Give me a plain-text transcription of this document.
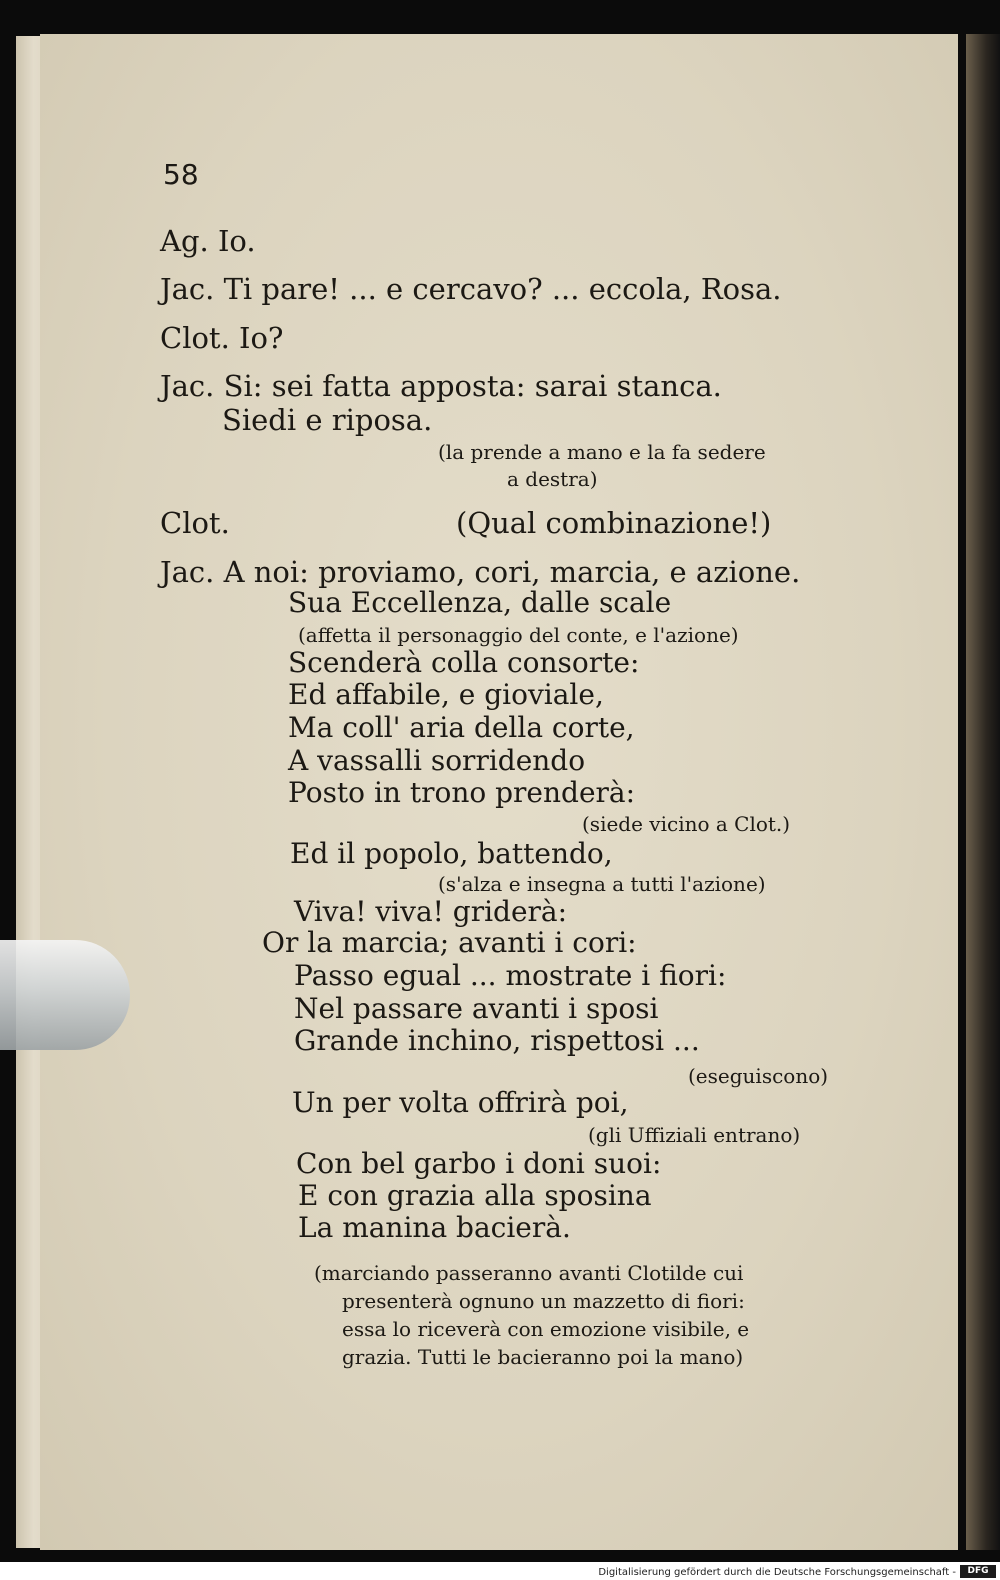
58
Ag. Io.
Jac. Ti pare! ... e cercavo? ... eccola, Rosa.
Clot. Io?
Jac. Si: sei fatta apposta: sarai stanca.
Siedi e riposa.
(la prende a mano e la fa sedere
a destra)
Clot.	(Qual combinazione!)
Jac. A noi: proviamo, cori, marcia, e azione.
Sua Eccellenza, dalle scale
(affetta il personaggio del conte, e l'azione)
Scenderà colla consorte:
Ed affabile, e gioviale,
Ma coll' aria della corte,
A vassalli sorridendo
Posto in trono prenderà:
(siede vicino a Clot.)
Ed il popolo, battendo,
(s'alza e insegna a tutti l'azione)
Viva! viva! griderà:
Or la marcia; avanti i cori:
Passo egual ... mostrate i fiori:
Nel passare avanti i sposi
Grande inchino, rispettosi ...
(eseguiscono)
Un per volta offrirà poi,
(gli Uffiziali entrano)
Con bel garbo i doni suoi:
E con grazia alla sposina
La manina bacierà.
(marciando passeranno avanti Clotilde cui
presenterà ognuno un mazzetto di fiori:
essa lo riceverà con emozione visibile, e
grazia. Tutti le bacieranno poi la mano)
Digitalisierung gefördert durch die Deutsche Forschungsgemeinschaft -	DFG
